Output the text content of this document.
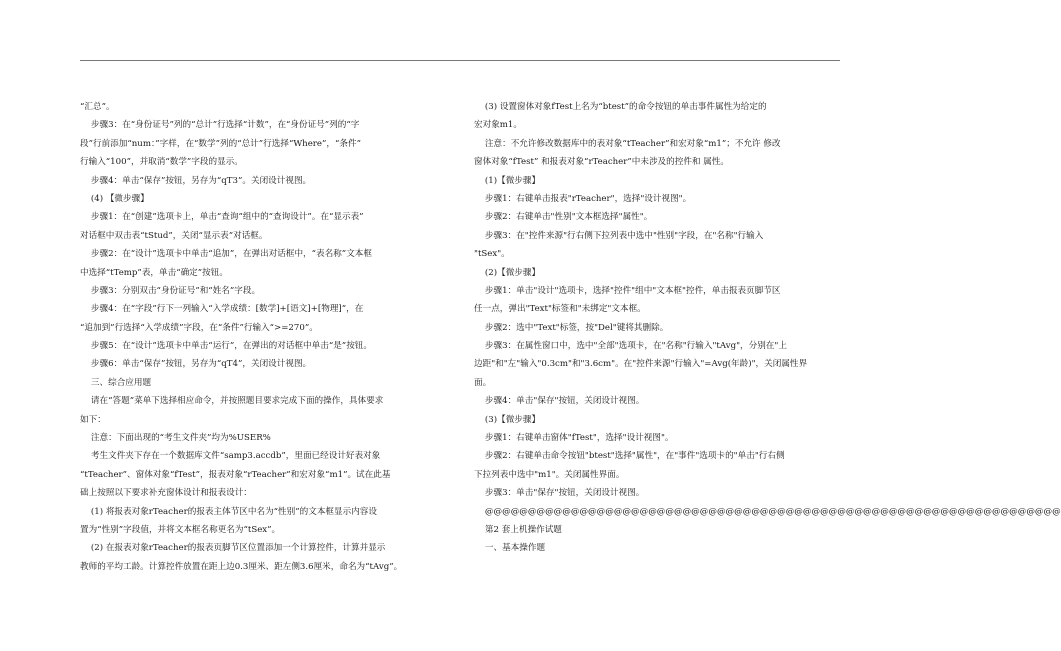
“汇总”。
步骤3：在“身份证号”列的“总计”行选择“计数”，在“身份证号”列的“字
段”行前添加“num：”字样，在“数学”列的“总计”行选择“Where”，“条件”
行输入“100”，并取消“数学”字段的显示。
步骤4：单击“保存”按钮，另存为“qT3”。关闭设计视图。
(4) 【微步骤】
步骤1：在“创建”选项卡上，单击“查询”组中的“查询设计”。在“显示表”
对话框中双击表“tStud”，关闭“显示表”对话框。
步骤2：在“设计”选项卡中单击“追加”，在弹出对话框中，“表名称”文本框
中选择“tTemp”表，单击“确定”按钮。
步骤3：分别双击“身份证号”和“姓名”字段。
步骤4：在“字段”行下一列输入“入学成绩：[数学]+[语文]+[物理]”，在
“追加到”行选择“入学成绩”字段，在“条件”行输入“>=270”。
步骤5：在“设计”选项卡中单击“运行”，在弹出的对话框中单击“是”按钮。
步骤6：单击“保存”按钮，另存为“qT4”，关闭设计视图。
三、综合应用题
请在“答题”菜单下选择相应命令，并按照题目要求完成下面的操作，具体要求
如下：
注意：下面出现的“考生文件夹”均为%USER%
考生文件夹下存在一个数据库文件“samp3.accdb”，里面已经设计好表对象
“tTeacher”、窗体对象“fTest”，报表对象“rTeacher”和宏对象“m1”。试在此基
础上按照以下要求补充窗体设计和报表设计：
(1) 将报表对象rTeacher的报表主体节区中名为“性别”的文本框显示内容设
置为“性别”字段值，并将文本框名称更名为“tSex”。
(2) 在报表对象rTeacher的报表页脚节区位置添加一个计算控件，计算并显示
教师的平均工龄。计算控件放置在距上边0.3厘米、距左侧3.6厘米，命名为“tAvg”。
(3) 设置窗体对象fTest上名为“btest”的命令按钮的单击事件属性为给定的
宏对象m1。
注意：不允许修改数据库中的表对象“tTeacher”和宏对象“m1”；不允许 修改
窗体对象“fTest” 和报表对象“rTeacher”中未涉及的控件和 属性。
(1)【微步骤】
步骤1：右键单击报表"rTeacher"，选择"设计视图"。
步骤2：右键单击"性别"文本框选择"属性"。
步骤3：在"控件来源"行右侧下拉列表中选中"性别"字段，在"名称"行输入
"tSex"。
(2)【微步骤】
步骤1：单击"设计"选项卡，选择"控件"组中"文本框"控件，单击报表页脚节区
任一点，弹出"Text"标签和"未绑定"文本框。
步骤2：选中"Text"标签，按"Del"键将其删除。
步骤3：在属性窗口中，选中"全部"选项卡，在"名称"行输入"tAvg"，分别在"上
边距"和"左"输入"0.3cm"和"3.6cm"。在"控件来源"行输入"=Avg(年龄)"，关闭属性界
面。
步骤4：单击"保存"按钮，关闭设计视图。
(3)【微步骤】
步骤1：右键单击窗体"fTest"，选择"设计视图"。
步骤2：右键单击命令按钮"btest"选择"属性"，在"事件"选项卡的"单击"行右侧
下拉列表中选中"m1"。关闭属性界面。
步骤3：单击"保存"按钮，关闭设计视图。
@@@@@@@@@@@@@@@@@@@@@@@@@@@@@@@@@@@@@@@@@@@@@@@@@@@@@@@@@@@@@@@@@@@
第2 套上机操作试题
一、基本操作题
